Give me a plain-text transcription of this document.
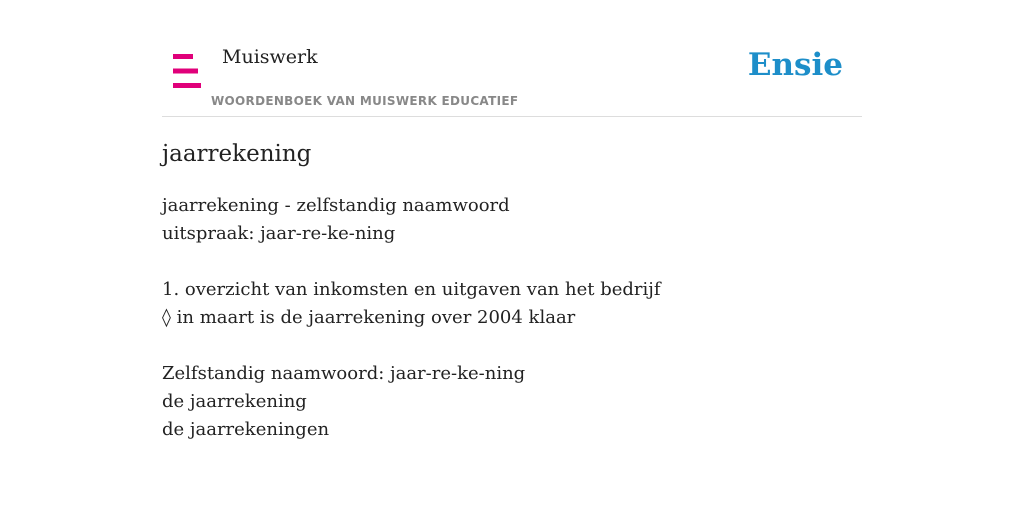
Muiswerk
WOORDENBOEK VAN MUISWERK EDUCATIEF
Ensie
jaarrekening
jaarrekening - zelfstandig naamwoord
uitspraak: jaar-re-ke-ning
1. overzicht van inkomsten en uitgaven van het bedrijf
◊ in maart is de jaarrekening over 2004 klaar
Zelfstandig naamwoord: jaar-re-ke-ning
de jaarrekening
de jaarrekeningen
